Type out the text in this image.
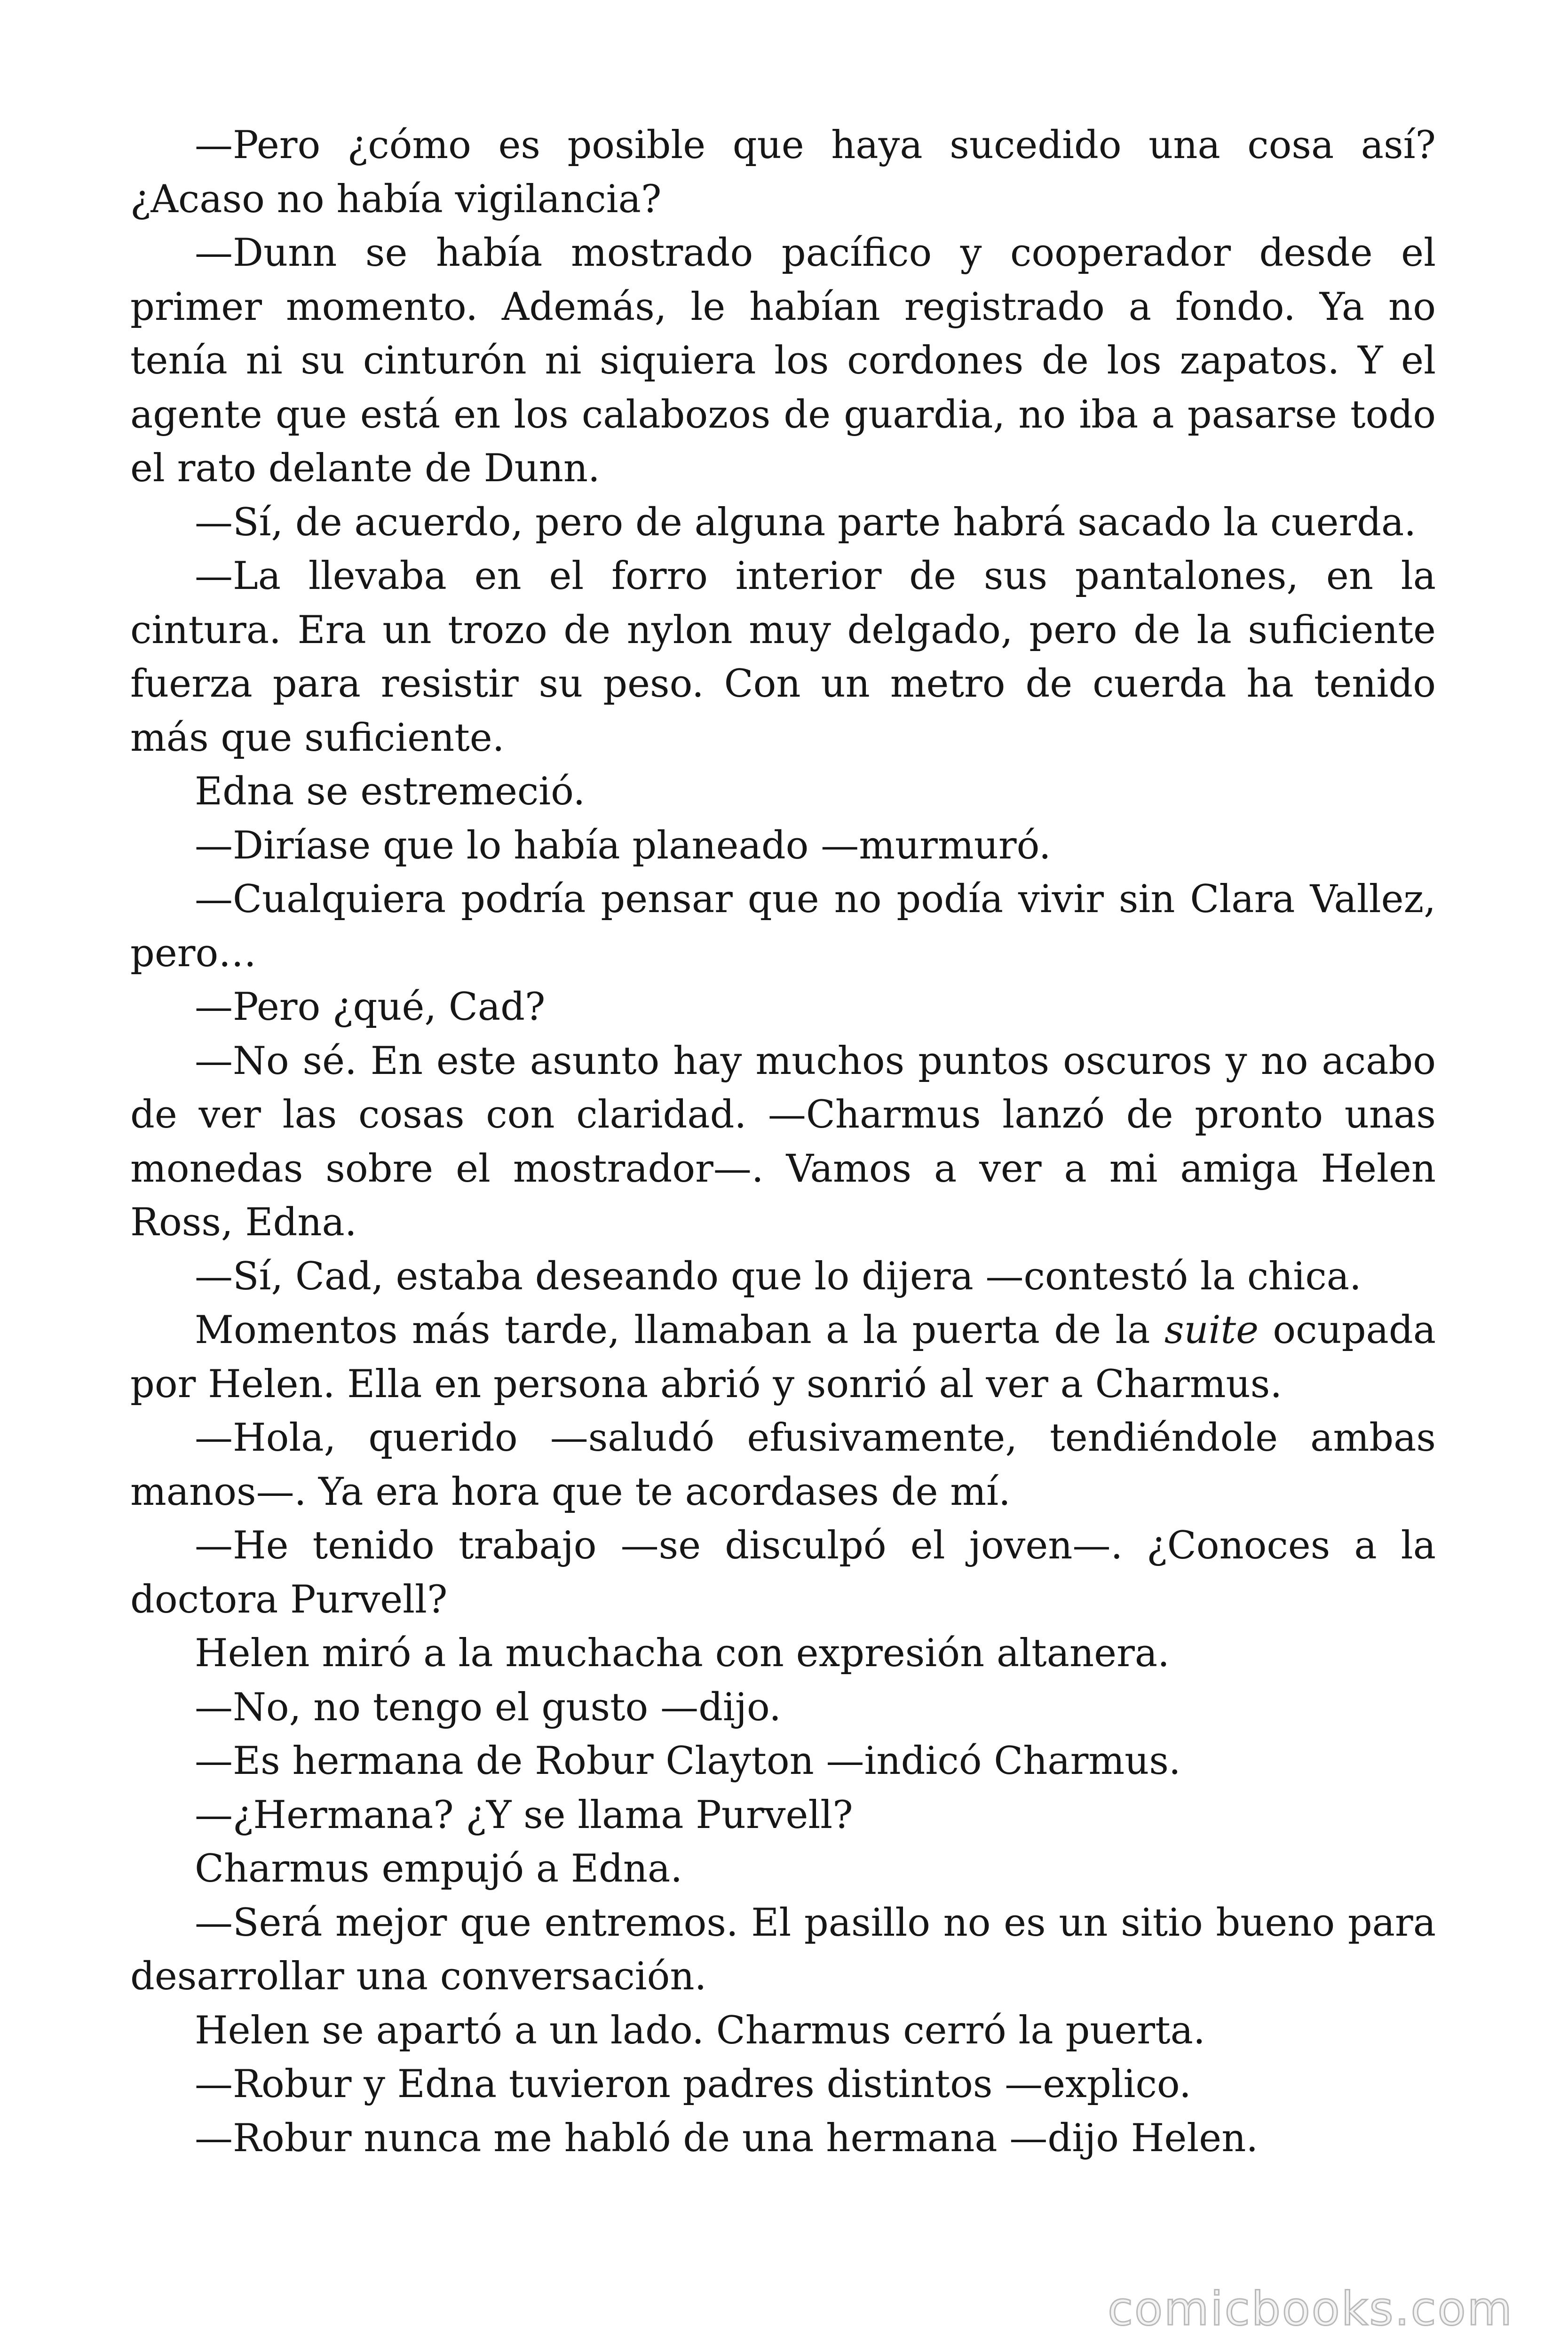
—Pero ¿cómo es posible que haya sucedido una cosa así? ¿Acaso no había vigilancia?

—Dunn se había mostrado pacífico y cooperador desde el primer momento. Además, le habían registrado a fondo. Ya no tenía ni su cinturón ni siquiera los cordones de los zapatos. Y el agente que está en los calabozos de guardia, no iba a pasarse todo el rato delante de Dunn.

—Sí, de acuerdo, pero de alguna parte habrá sacado la cuerda.

—La llevaba en el forro interior de sus pantalones, en la cintura. Era un trozo de nylon muy delgado, pero de la suficiente fuerza para resistir su peso. Con un metro de cuerda ha tenido más que suficiente.

Edna se estremeció.

—Diríase que lo había planeado —murmuró.

—Cualquiera podría pensar que no podía vivir sin Clara Vallez, pero…

—Pero ¿qué, Cad?

—No sé. En este asunto hay muchos puntos oscuros y no acabo de ver las cosas con claridad. —Charmus lanzó de pronto unas monedas sobre el mostrador—. Vamos a ver a mi amiga Helen Ross, Edna.

—Sí, Cad, estaba deseando que lo dijera —contestó la chica.

Momentos más tarde, llamaban a la puerta de la suite ocupada por Helen. Ella en persona abrió y sonrió al ver a Charmus.

—Hola, querido —saludó efusivamente, tendiéndole ambas manos—. Ya era hora que te acordases de mí.

—He tenido trabajo —se disculpó el joven—. ¿Conoces a la doctora Purvell?

Helen miró a la muchacha con expresión altanera.

—No, no tengo el gusto —dijo.

—Es hermana de Robur Clayton —indicó Charmus.

—¿Hermana? ¿Y se llama Purvell?

Charmus empujó a Edna.

—Será mejor que entremos. El pasillo no es un sitio bueno para desarrollar una conversación.

Helen se apartó a un lado. Charmus cerró la puerta.

—Robur y Edna tuvieron padres distintos —explico.

—Robur nunca me habló de una hermana —dijo Helen.

comicbooks.com
